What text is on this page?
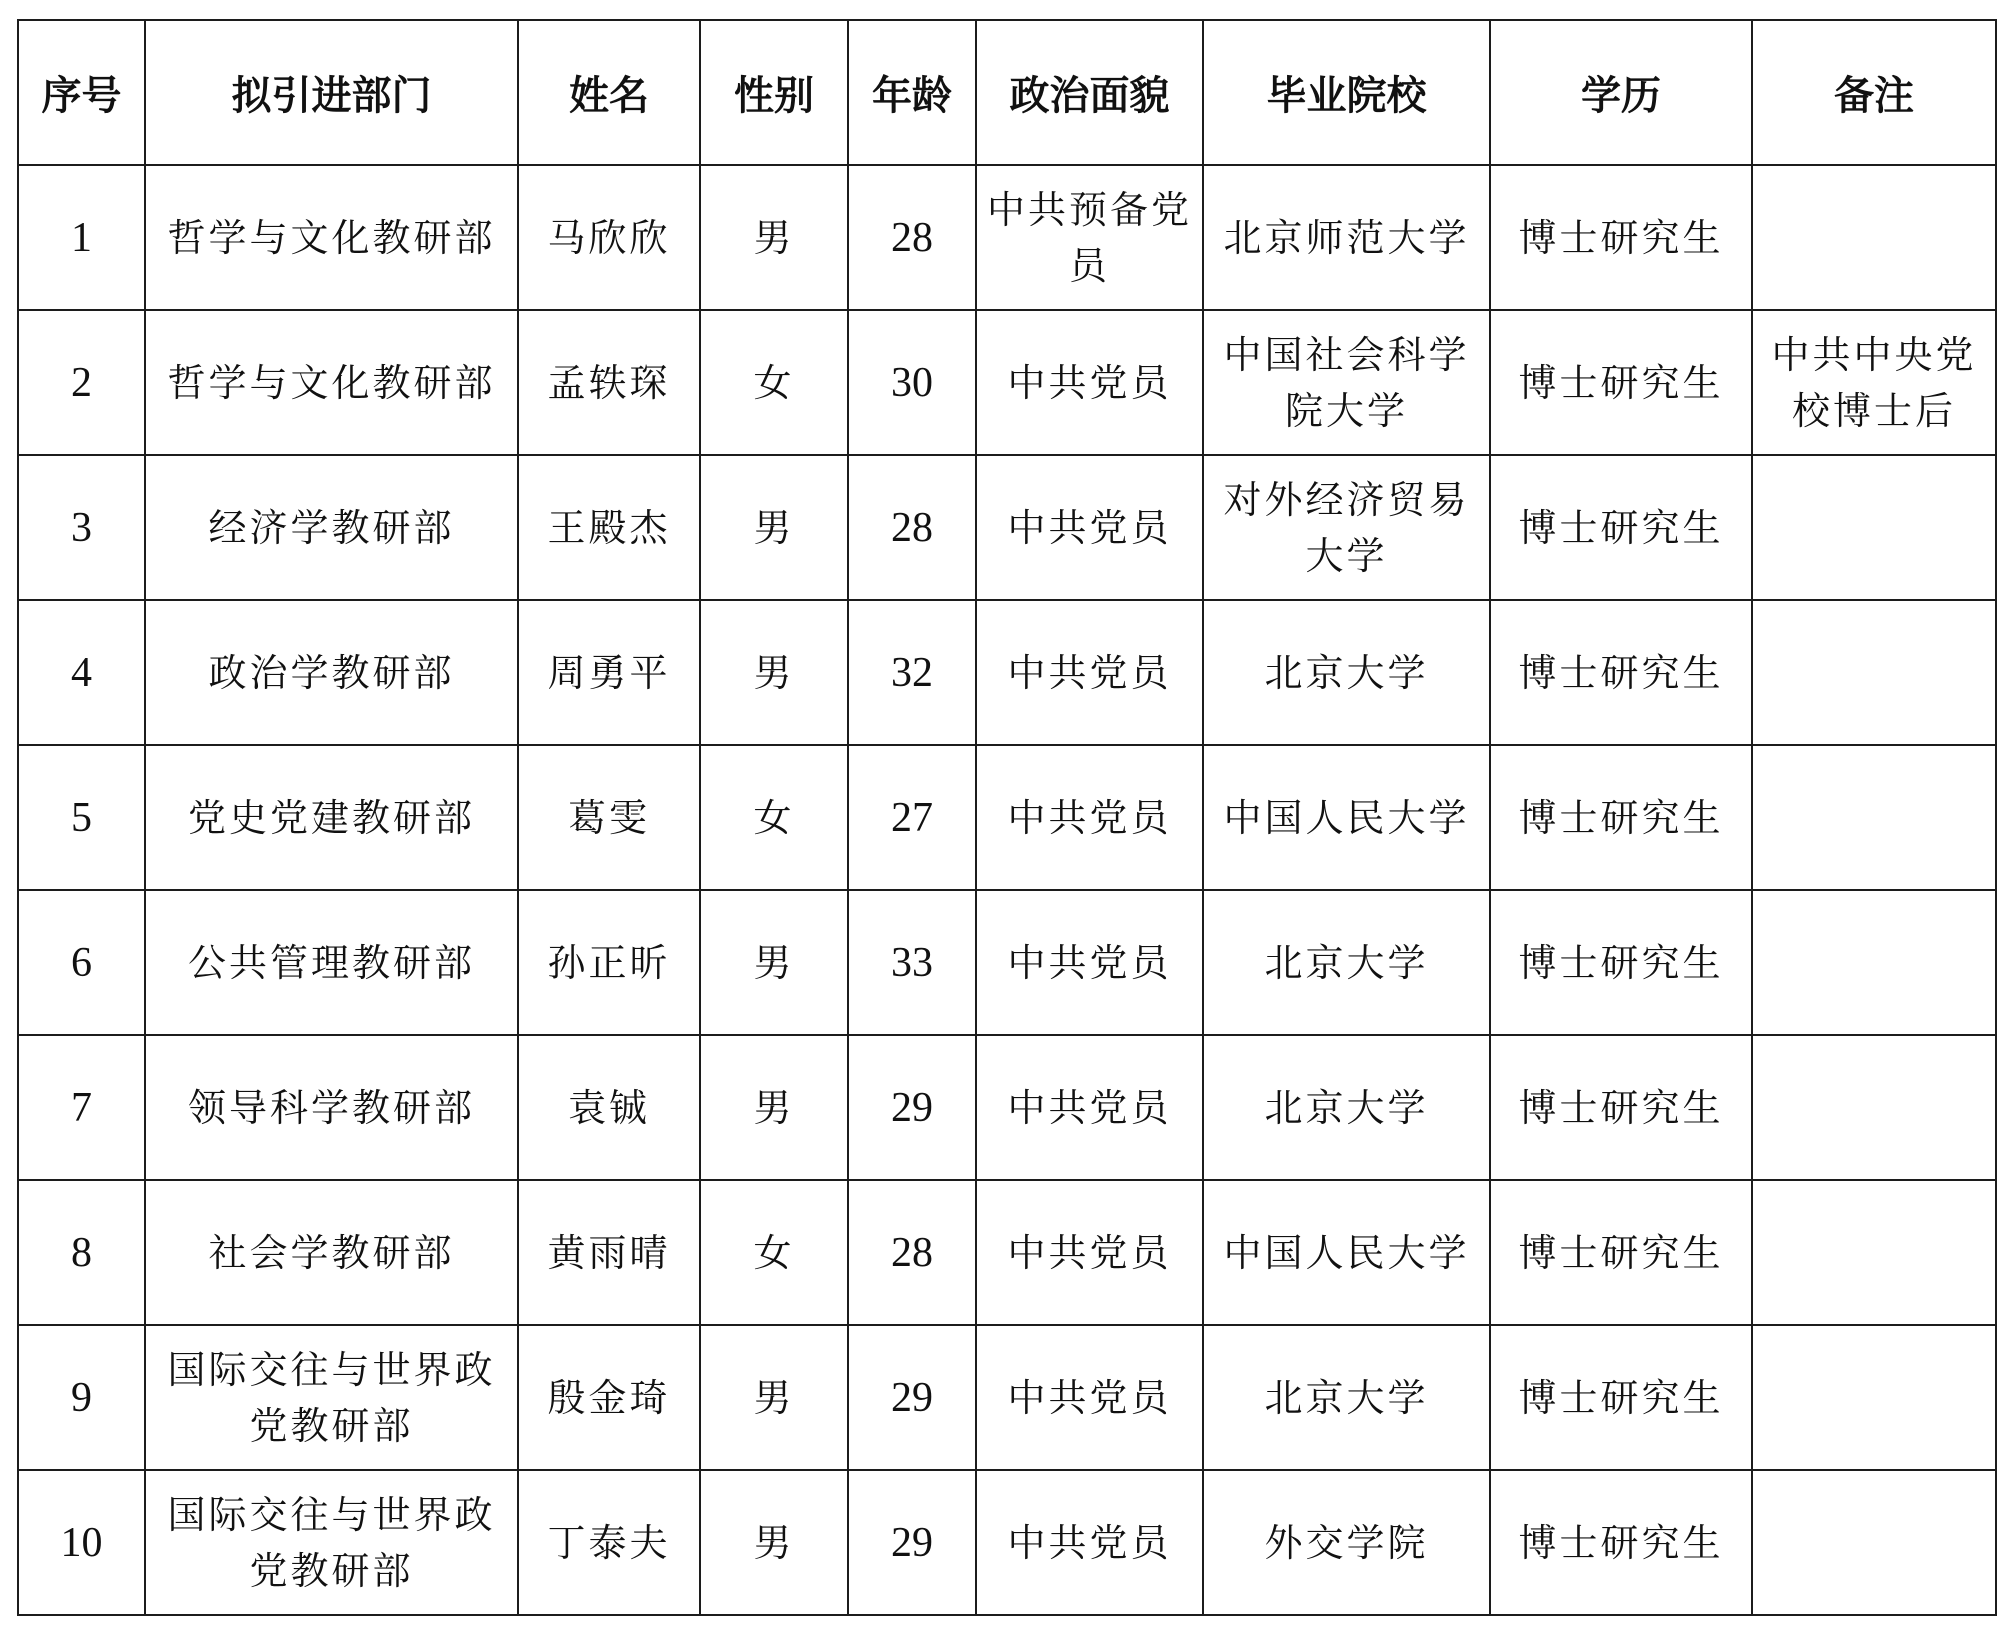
序号	拟引进部门	姓名	性别	年龄	政治面貌	毕业院校	学历	备注
1	哲学与文化教研部	马欣欣	男	28	中共预备党员	北京师范大学	博士研究生	
2	哲学与文化教研部	孟轶琛	女	30	中共党员	中国社会科学院大学	博士研究生	中共中央党校博士后
3	经济学教研部	王殿杰	男	28	中共党员	对外经济贸易大学	博士研究生	
4	政治学教研部	周勇平	男	32	中共党员	北京大学	博士研究生	
5	党史党建教研部	葛雯	女	27	中共党员	中国人民大学	博士研究生	
6	公共管理教研部	孙正昕	男	33	中共党员	北京大学	博士研究生	
7	领导科学教研部	袁铖	男	29	中共党员	北京大学	博士研究生	
8	社会学教研部	黄雨晴	女	28	中共党员	中国人民大学	博士研究生	
9	国际交往与世界政党教研部	殷金琦	男	29	中共党员	北京大学	博士研究生	
10	国际交往与世界政党教研部	丁泰夫	男	29	中共党员	外交学院	博士研究生	
